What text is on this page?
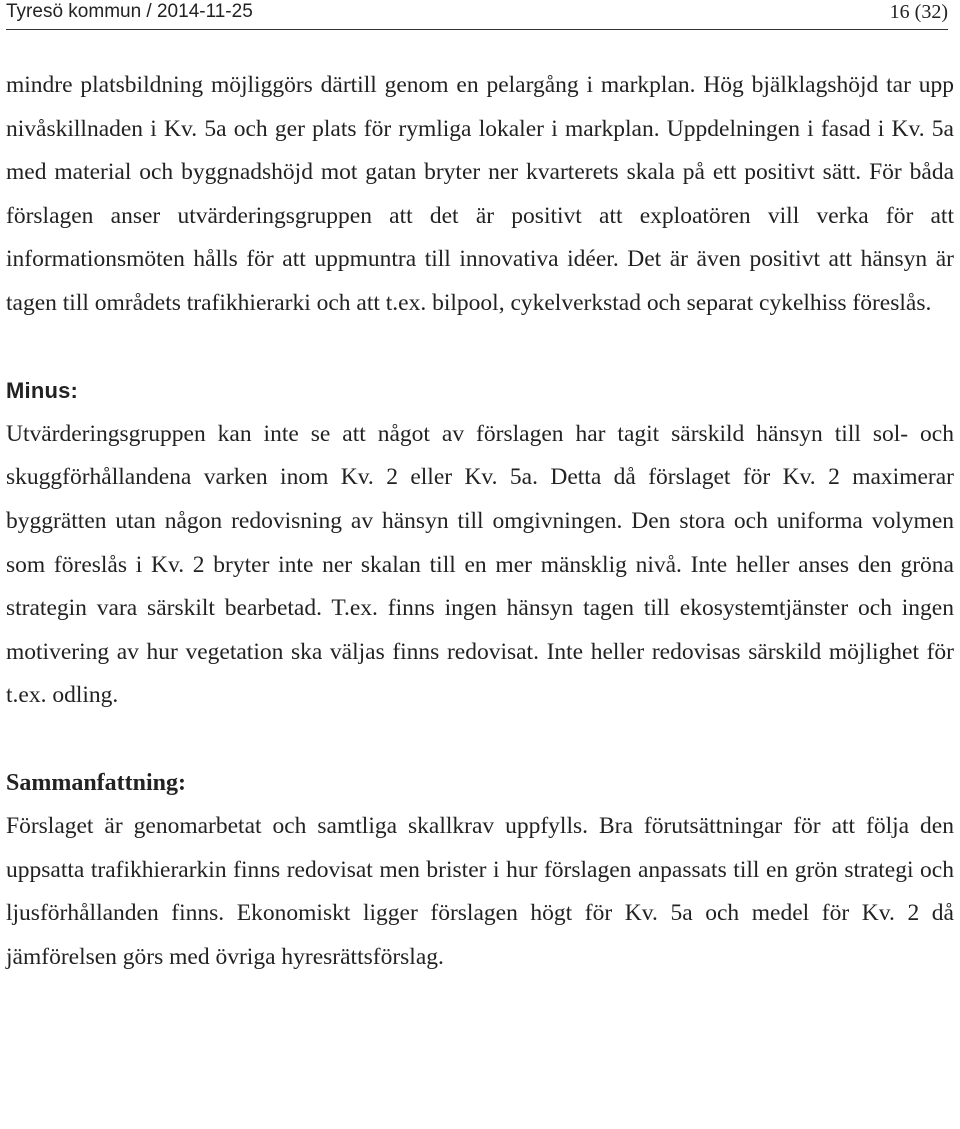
Tyresö kommun / 2014-11-25	16 (32)

mindre platsbildning möjliggörs därtill genom en pelargång i markplan. Hög bjälklagshöjd tar upp nivåskillnaden i Kv. 5a och ger plats för rymliga lokaler i markplan. Uppdelningen i fasad i Kv. 5a med material och byggnadshöjd mot gatan bryter ner kvarterets skala på ett positivt sätt. För båda förslagen anser utvärderingsgruppen att det är positivt att exploatören vill verka för att informationsmöten hålls för att uppmuntra till innovativa idéer. Det är även positivt att hänsyn är tagen till områdets trafikhierarki och att t.ex. bilpool, cykelverkstad och separat cykelhiss föreslås.

Minus:

Utvärderingsgruppen kan inte se att något av förslagen har tagit särskild hänsyn till sol- och skuggförhållandena varken inom Kv. 2 eller Kv. 5a. Detta då förslaget för Kv. 2 maximerar byggrätten utan någon redovisning av hänsyn till omgivningen. Den stora och uniforma volymen som föreslås i Kv. 2 bryter inte ner skalan till en mer mänsklig nivå. Inte heller anses den gröna strategin vara särskilt bearbetad. T.ex. finns ingen hänsyn tagen till ekosystemtjänster och ingen motivering av hur vegetation ska väljas finns redovisat. Inte heller redovisas särskild möjlighet för t.ex. odling.

Sammanfattning:

Förslaget är genomarbetat och samtliga skallkrav uppfylls. Bra förutsättningar för att följa den uppsatta trafikhierarkin finns redovisat men brister i hur förslagen anpassats till en grön strategi och ljusförhållanden finns. Ekonomiskt ligger förslagen högt för Kv. 5a och medel för Kv. 2 då jämförelsen görs med övriga hyresrättsförslag.
